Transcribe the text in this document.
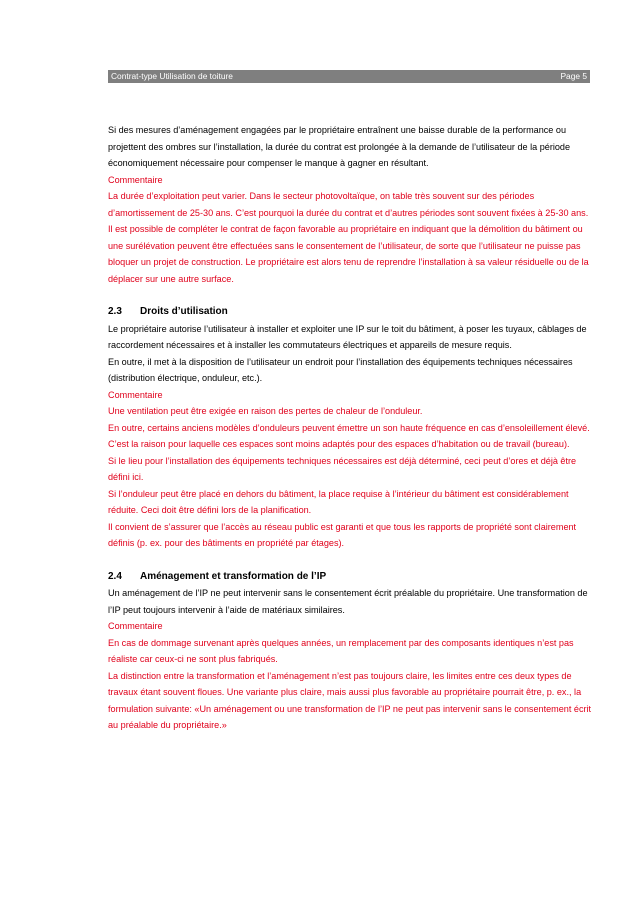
Contrat-type Utilisation de toiture	Page 5

Si des mesures d’aménagement engagées par le propriétaire entraînent une baisse durable de la performance ou projettent des ombres sur l’installation, la durée du contrat est prolongée à la demande de l’utilisateur de la période économiquement nécessaire pour compenser le manque à gagner en résultant.

Commentaire

La durée d’exploitation peut varier. Dans le secteur photovoltaïque, on table très souvent sur des périodes d’amortissement de 25-30 ans. C’est pourquoi la durée du contrat et d’autres périodes sont souvent fixées à 25-30 ans.

Il est possible de compléter le contrat de façon favorable au propriétaire en indiquant que la démolition du bâtiment ou une surélévation peuvent être effectuées sans le consentement de l’utilisateur, de sorte que l’utilisateur ne puisse pas bloquer un projet de construction. Le propriétaire est alors tenu de reprendre l’installation à sa valeur résiduelle ou de la déplacer sur une autre surface.

2.3	Droits d’utilisation

Le propriétaire autorise l’utilisateur à installer et exploiter une IP sur le toit du bâtiment, à poser les tuyaux, câblages de raccordement nécessaires et à installer les commutateurs électriques et appareils de mesure requis.

En outre, il met à la disposition de l’utilisateur un endroit pour l’installation des équipements techniques nécessaires (distribution électrique, onduleur, etc.).

Commentaire

Une ventilation peut être exigée en raison des pertes de chaleur de l’onduleur.

En outre, certains anciens modèles d’onduleurs peuvent émettre un son haute fréquence en cas d’ensoleillement élevé. C’est la raison pour laquelle ces espaces sont moins adaptés pour des espaces d’habitation ou de travail (bureau).

Si le lieu pour l’installation des équipements techniques nécessaires est déjà déterminé, ceci peut d’ores et déjà être défini ici.

Si l’onduleur peut être placé en dehors du bâtiment, la place requise à l’intérieur du bâtiment est considérablement réduite. Ceci doit être défini lors de la planification.

Il convient de s’assurer que l’accès au réseau public est garanti et que tous les rapports de propriété sont clairement définis (p. ex. pour des bâtiments en propriété par étages).

2.4	Aménagement et transformation de l’IP

Un aménagement de l’IP ne peut intervenir sans le consentement écrit préalable du propriétaire. Une transformation de l’IP peut toujours intervenir à l’aide de matériaux similaires.

Commentaire

En cas de dommage survenant après quelques années, un remplacement par des composants identiques n’est pas réaliste car ceux-ci ne sont plus fabriqués.

La distinction entre la transformation et l’aménagement n’est pas toujours claire, les limites entre ces deux types de travaux étant souvent floues. Une variante plus claire, mais aussi plus favorable au propriétaire pourrait être, p. ex., la formulation suivante: «Un aménagement ou une transformation de l’IP ne peut pas intervenir sans le consentement écrit au préalable du propriétaire.»
